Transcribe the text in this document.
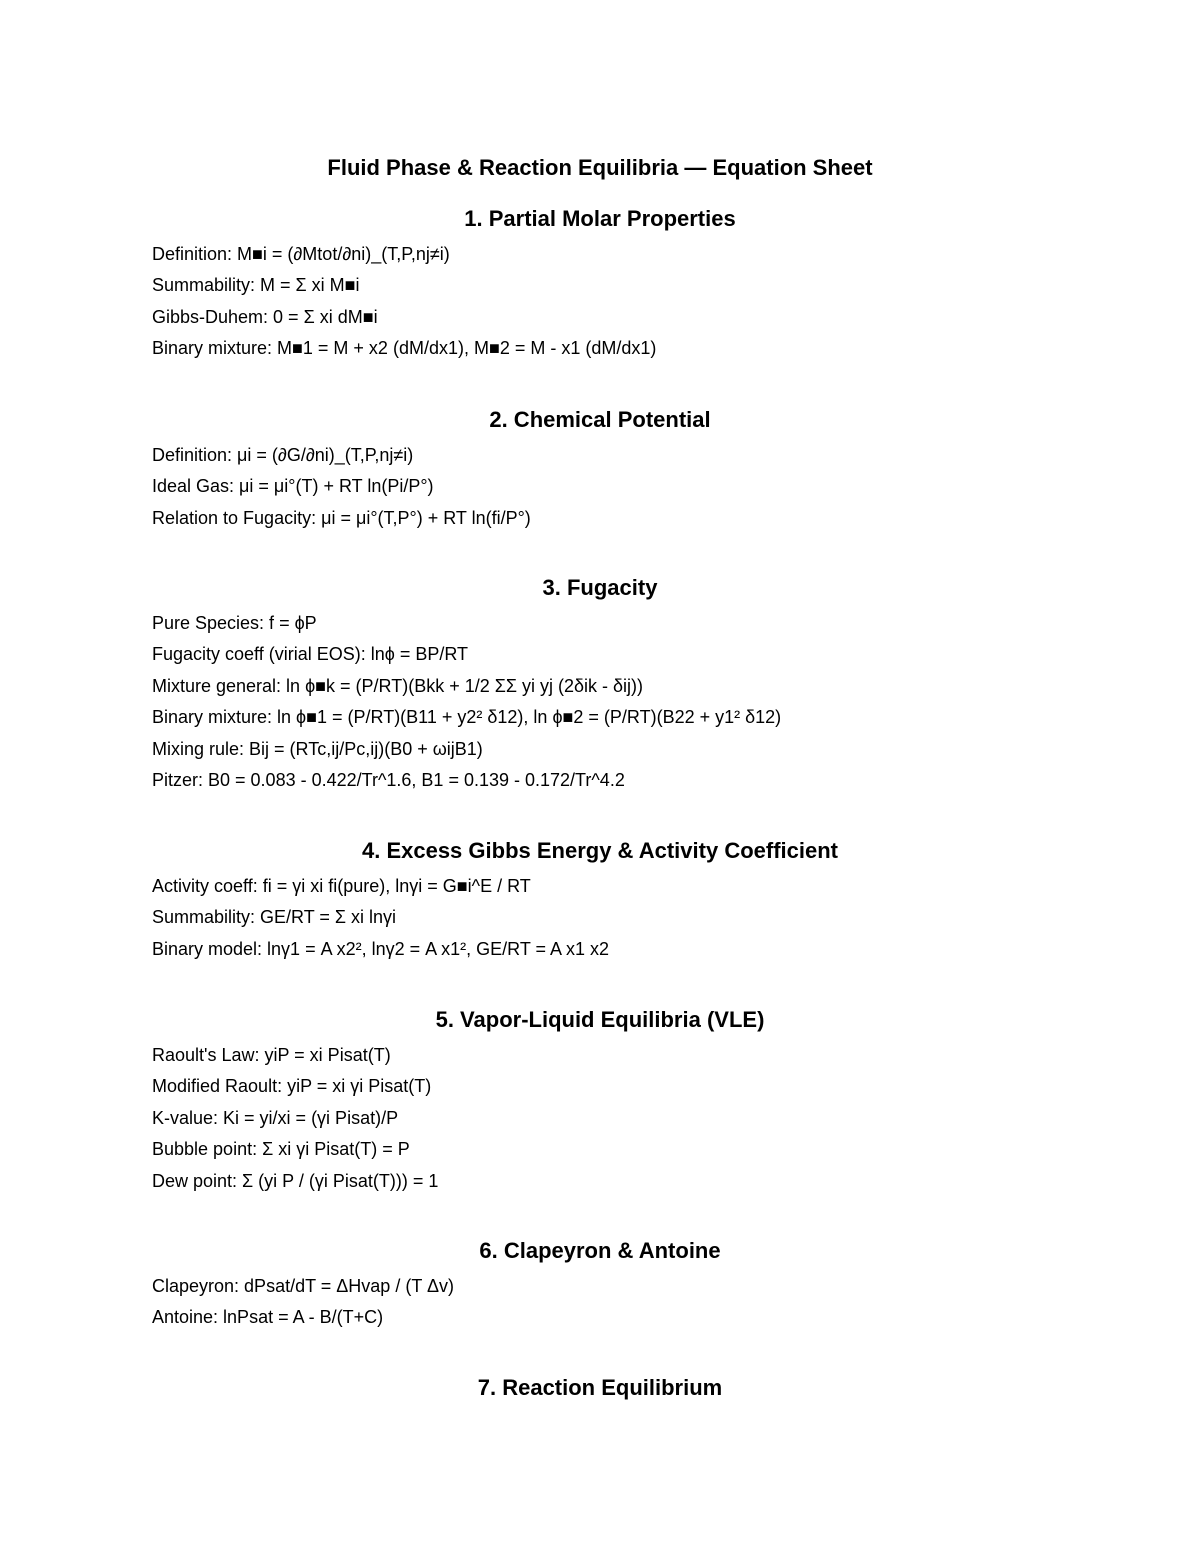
Fluid Phase & Reaction Equilibria — Equation Sheet
1. Partial Molar Properties
Definition: M■i = (∂Mtot/∂ni)_(T,P,nj≠i)
Summability: M = Σ xi M■i
Gibbs-Duhem: 0 = Σ xi dM■i
Binary mixture: M■1 = M + x2 (dM/dx1), M■2 = M - x1 (dM/dx1)
2. Chemical Potential
Definition: μi = (∂G/∂ni)_(T,P,nj≠i)
Ideal Gas: μi = μi°(T) + RT ln(Pi/P°)
Relation to Fugacity: μi = μi°(T,P°) + RT ln(fi/P°)
3. Fugacity
Pure Species: f = ϕP
Fugacity coeff (virial EOS): lnϕ = BP/RT
Mixture general: ln ϕ■k = (P/RT)(Bkk + 1/2 ΣΣ yi yj (2δik - δij))
Binary mixture: ln ϕ■1 = (P/RT)(B11 + y2² δ12), ln ϕ■2 = (P/RT)(B22 + y1² δ12)
Mixing rule: Bij = (RTc,ij/Pc,ij)(B0 + ωijB1)
Pitzer: B0 = 0.083 - 0.422/Tr^1.6, B1 = 0.139 - 0.172/Tr^4.2
4. Excess Gibbs Energy & Activity Coefficient
Activity coeff: fi = γi xi fi(pure), lnγi = G■i^E / RT
Summability: GE/RT = Σ xi lnγi
Binary model: lnγ1 = A x2², lnγ2 = A x1², GE/RT = A x1 x2
5. Vapor-Liquid Equilibria (VLE)
Raoult's Law: yiP = xi Pisat(T)
Modified Raoult: yiP = xi γi Pisat(T)
K-value: Ki = yi/xi = (γi Pisat)/P
Bubble point: Σ xi γi Pisat(T) = P
Dew point: Σ (yi P / (γi Pisat(T))) = 1
6. Clapeyron & Antoine
Clapeyron: dPsat/dT = ΔHvap / (T Δv)
Antoine: lnPsat = A - B/(T+C)
7. Reaction Equilibrium
